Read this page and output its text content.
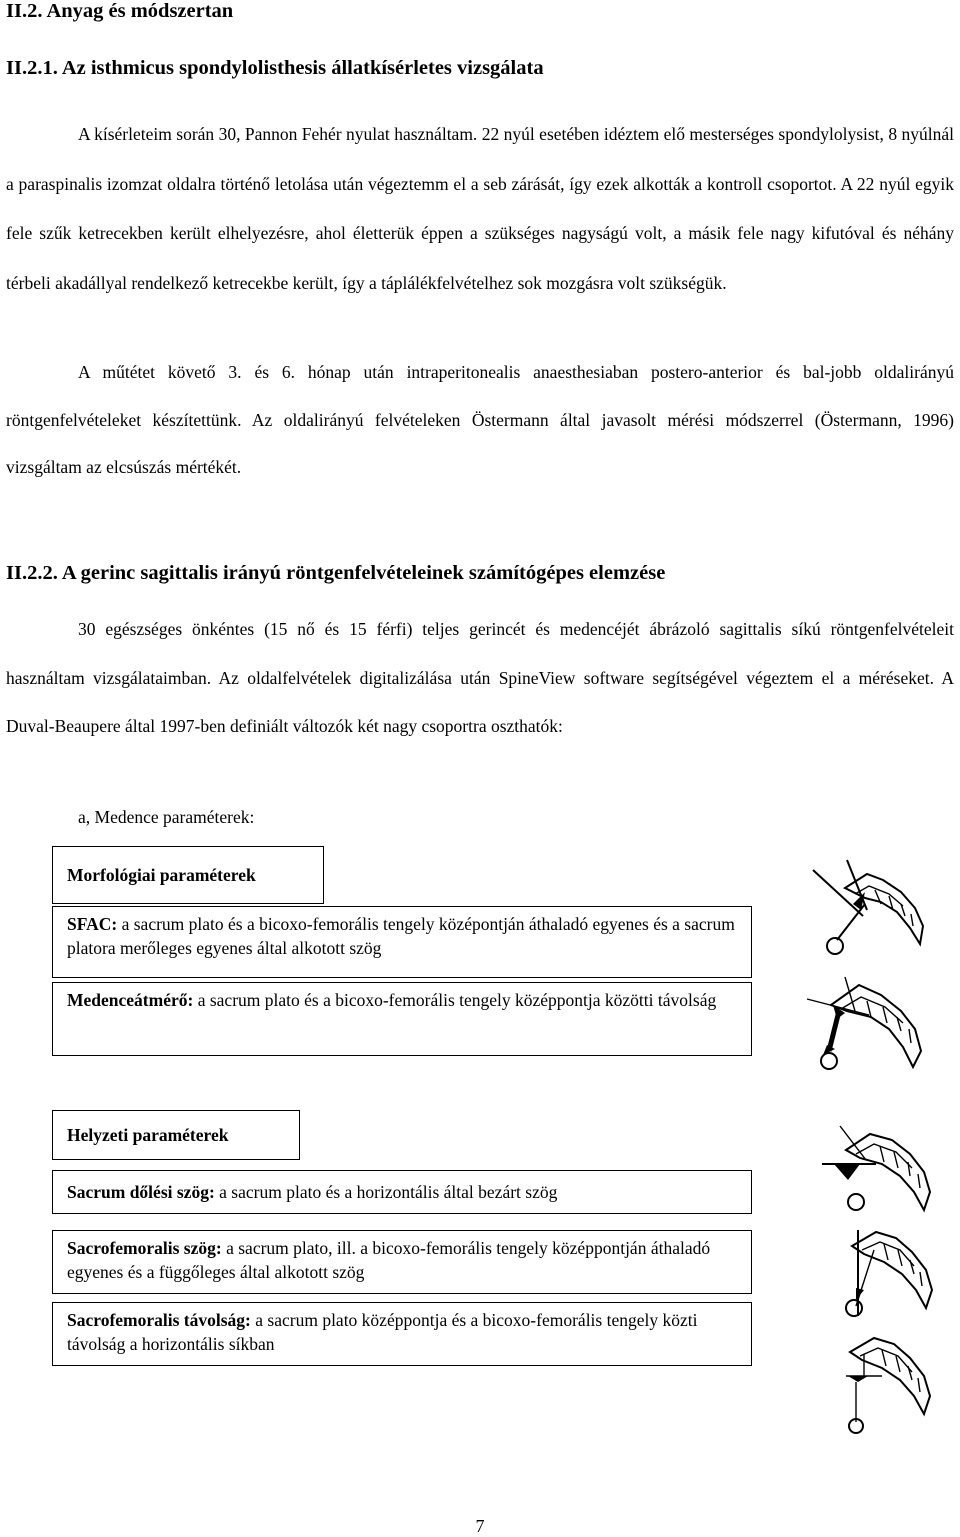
II.2. Anyag és módszertan
II.2.1. Az isthmicus spondylolisthesis állatkísérletes vizsgálata

A kísérleteim során 30, Pannon Fehér nyulat használtam. 22 nyúl esetében idéztem elő mesterséges spondylolysist, 8 nyúlnál a paraspinalis izomzat oldalra történő letolása után végeztemm el a seb zárását, így ezek alkották a kontroll csoportot. A 22 nyúl egyik fele szűk ketrecekben került elhelyezésre, ahol életterük éppen a szükséges nagyságú volt, a másik fele nagy kifutóval és néhány térbeli akadállyal rendelkező ketrecekbe került, így a táplálékfelvételhez sok mozgásra volt szükségük.

A műtétet követő 3. és 6. hónap után intraperitonealis anaesthesiaban postero-anterior és bal-jobb oldalirányú röntgenfelvételeket készítettünk. Az oldalirányú felvételeken Östermann által javasolt mérési módszerrel (Östermann, 1996) vizsgáltam az elcsúszás mértékét.

II.2.2. A gerinc sagittalis irányú röntgenfelvételeinek számítógépes elemzése

30 egészséges önkéntes (15 nő és 15 férfi) teljes gerincét és medencéjét ábrázoló sagittalis síkú röntgenfelvételeit használtam vizsgálataimban. Az oldalfelvételek digitalizálása után SpineView software segítségével végeztem el a méréseket. A Duval-Beaupere által 1997-ben definiált változók két nagy csoportra oszthatók:

a, Medence paraméterek:

Morfológiai paraméterek
SFAC: a sacrum plato és a bicoxo-femorális tengely középontján áthaladó egyenes és a sacrum platora merőleges egyenes által alkotott szög
Medenceátmérő: a sacrum plato és a bicoxo-femorális tengely középpontja közötti távolság
Helyzeti paraméterek
Sacrum dőlési szög: a sacrum plato és a horizontális által bezárt szög
Sacrofemoralis szög: a sacrum plato, ill. a bicoxo-femorális tengely középpontján áthaladó egyenes és a függőleges által alkotott szög
Sacrofemoralis távolság: a sacrum plato középpontja és a bicoxo-femorális tengely közti távolság a horizontális síkban

7
